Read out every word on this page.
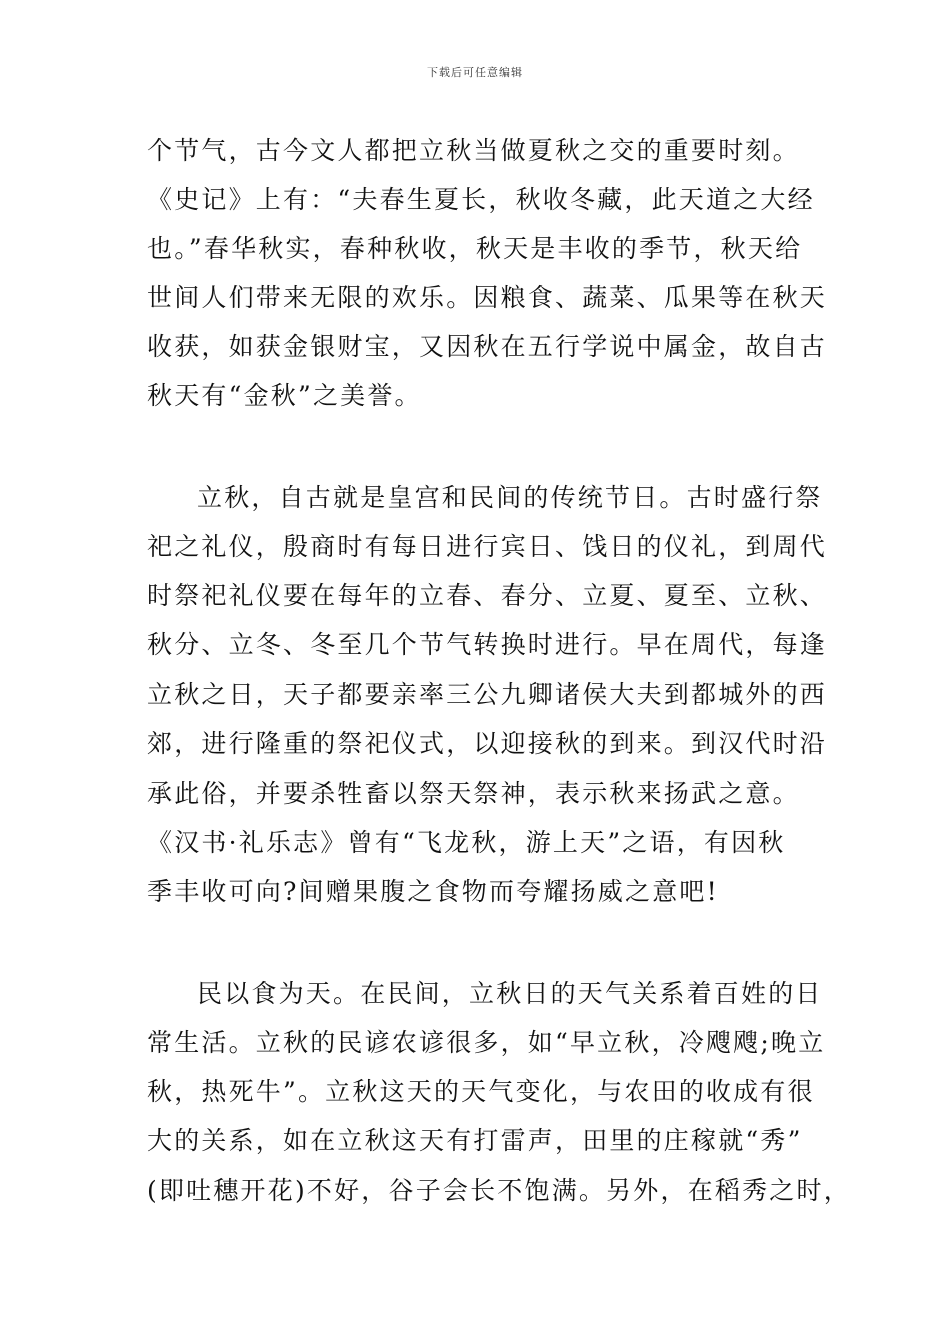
下载后可任意编辑
个节气，古今文人都把立秋当做夏秋之交的重要时刻。
《史记》上有：“夫春生夏长，秋收冬藏，此天道之大经
也。”春华秋实，春种秋收，秋天是丰收的季节，秋天给
世间人们带来无限的欢乐。因粮食、蔬菜、瓜果等在秋天
收获，如获金银财宝，又因秋在五行学说中属金，故自古
秋天有“金秋”之美誉。
立秋，自古就是皇宫和民间的传统节日。古时盛行祭
祀之礼仪，殷商时有每日进行宾日、饯日的仪礼，到周代
时祭祀礼仪要在每年的立春、春分、立夏、夏至、立秋、
秋分、立冬、冬至几个节气转换时进行。早在周代，每逢
立秋之日，天子都要亲率三公九卿诸侯大夫到都城外的西
郊，进行隆重的祭祀仪式，以迎接秋的到来。到汉代时沿
承此俗，并要杀牲畜以祭天祭神，表示秋来扬武之意。
《汉书·礼乐志》曾有“飞龙秋，游上天”之语，有因秋
季丰收可向?间赠果腹之食物而夸耀扬威之意吧!
民以食为天。在民间，立秋日的天气关系着百姓的日
常生活。立秋的民谚农谚很多，如“早立秋，冷飕飕;晚立
秋，热死牛”。立秋这天的天气变化，与农田的收成有很
大的关系，如在立秋这天有打雷声，田里的庄稼就“秀”
(即吐穗开花)不好，谷子会长不饱满。另外，在稻秀之时，
